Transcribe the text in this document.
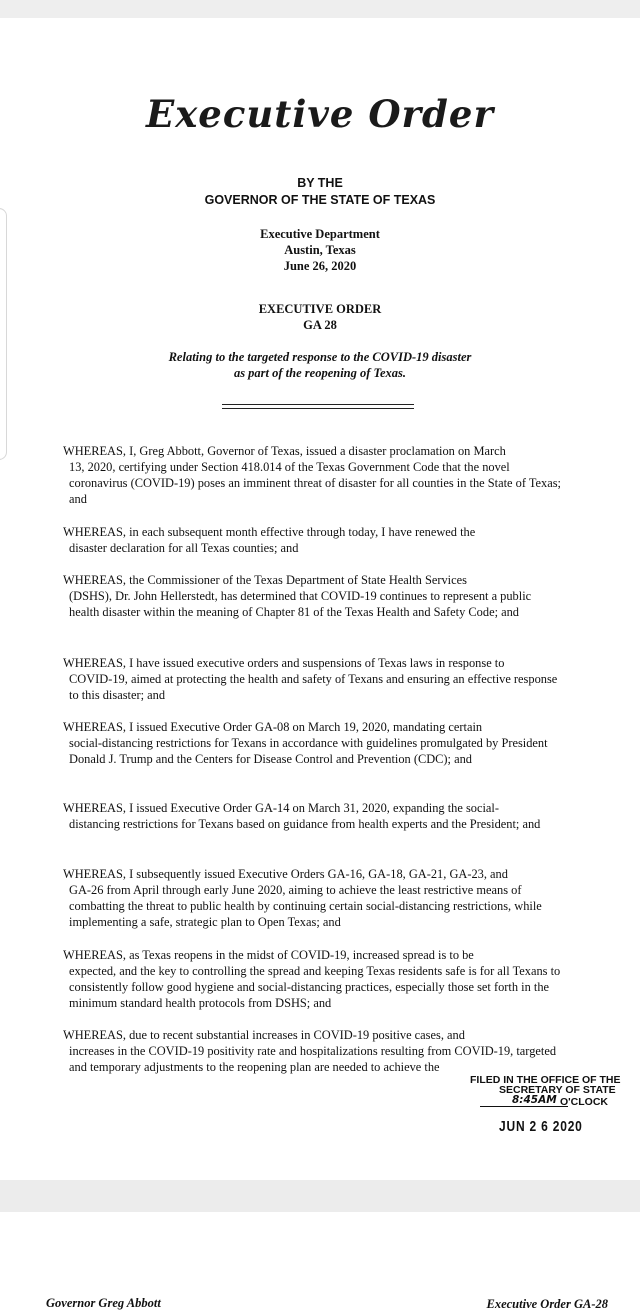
Executive Order
BY THE
GOVERNOR OF THE STATE OF TEXAS
Executive Department
Austin, Texas
June 26, 2020
EXECUTIVE ORDER
GA 28
Relating to the targeted response to the COVID-19 disaster
as part of the reopening of Texas.

WHEREAS, I, Greg Abbott, Governor of Texas, issued a disaster proclamation on March
13, 2020, certifying under Section 418.014 of the Texas Government Code that the novel coronavirus (COVID-19) poses an imminent threat of disaster for all counties in the State of Texas; and

WHEREAS, in each subsequent month effective through today, I have renewed the
disaster declaration for all Texas counties; and

WHEREAS, the Commissioner of the Texas Department of State Health Services
(DSHS), Dr. John Hellerstedt, has determined that COVID-19 continues to represent a public health disaster within the meaning of Chapter 81 of the Texas Health and Safety Code; and

WHEREAS, I have issued executive orders and suspensions of Texas laws in response to
COVID-19, aimed at protecting the health and safety of Texans and ensuring an effective response to this disaster; and

WHEREAS, I issued Executive Order GA-08 on March 19, 2020, mandating certain
social-distancing restrictions for Texans in accordance with guidelines promulgated by President Donald J. Trump and the Centers for Disease Control and Prevention (CDC); and

WHEREAS, I issued Executive Order GA-14 on March 31, 2020, expanding the social-
distancing restrictions for Texans based on guidance from health experts and the President; and

WHEREAS, I subsequently issued Executive Orders GA-16, GA-18, GA-21, GA-23, and
GA-26 from April through early June 2020, aiming to achieve the least restrictive means of combatting the threat to public health by continuing certain social-distancing restrictions, while implementing a safe, strategic plan to Open Texas; and

WHEREAS, as Texas reopens in the midst of COVID-19, increased spread is to be
expected, and the key to controlling the spread and keeping Texas residents safe is for all Texans to consistently follow good hygiene and social-distancing practices, especially those set forth in the minimum standard health protocols from DSHS; and

WHEREAS, due to recent substantial increases in COVID-19 positive cases, and
increases in the COVID-19 positivity rate and hospitalizations resulting from COVID-19, targeted and temporary adjustments to the reopening plan are needed to achieve the

FILED IN THE OFFICE OF THE
SECRETARY OF STATE
8:45AM O'CLOCK
JUN 2 6 2020
Governor Greg Abbott	Executive Order GA-28
